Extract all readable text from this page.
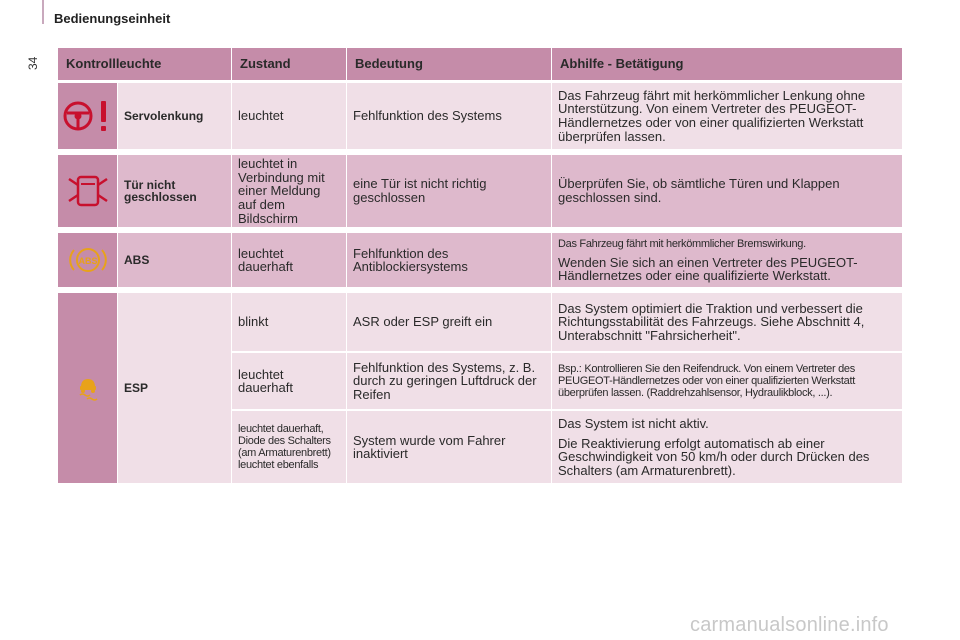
Bedienungseinheit
34 Kontrollleuchte		Zustand	Bedeutung	Abhilfe - Betätigung

	Servolenkung	leuchtet	Fehlfunktion des Systems	Das Fahrzeug fährt mit herkömmlicher Lenkung ohne Unterstützung. Von einem Vertreter des PEUGEOT-Händlernetzes oder von einer qualifizierten Werkstatt überprüfen lassen.

	Tür nicht geschlossen	leuchtet in Verbindung mit einer Meldung auf dem Bildschirm	eine Tür ist nicht richtig geschlossen	Überprüfen Sie, ob sämtliche Türen und Klappen geschlossen sind.

ABS	ABS	leuchtet dauerhaft	Fehlfunktion des Antiblockiersystems	Das Fahrzeug fährt mit herkömmlicher Bremswirkung.
Wenden Sie sich an einen Vertreter des PEUGEOT-Händlernetzes oder eine qualifizierte Werkstatt.

	ESP	blinkt	ASR oder ESP greift ein	Das System optimiert die Traktion und verbessert die Richtungsstabilität des Fahrzeugs. Siehe Abschnitt 4, Unterabschnitt "Fahrsicherheit".
		leuchtet dauerhaft	Fehlfunktion des Systems, z. B. durch zu geringen Luftdruck der Reifen	Bsp.: Kontrollieren Sie den Reifendruck. Von einem Vertreter des PEUGEOT-Händlernetzes oder von einer qualifizierten Werkstatt überprüfen lassen. (Raddrehzahlsensor, Hydraulikblock, ...).
		leuchtet dauerhaft, Diode des Schalters (am Armaturenbrett) leuchtet ebenfalls	System wurde vom Fahrer inaktiviert	Das System ist nicht aktiv.
Die Reaktivierung erfolgt automatisch ab einer Geschwindigkeit von 50 km/h oder durch Drücken des Schalters (am Armaturenbrett).
carmanualsonline.info
